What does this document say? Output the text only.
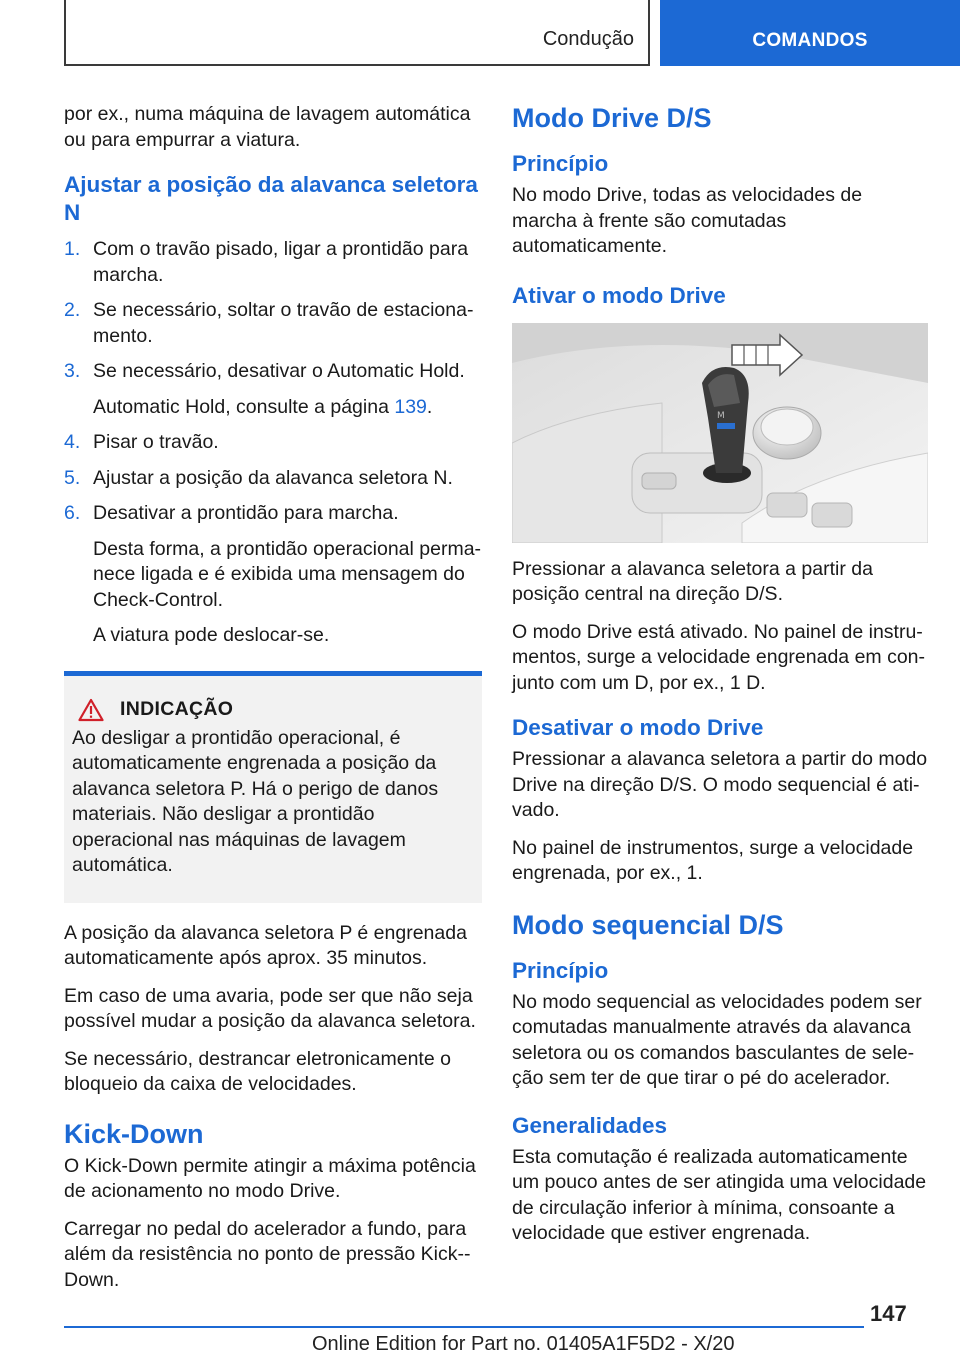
Condução	COMANDOS

por ex., numa máquina de lavagem automática ou para empurrar a viatura.

Ajustar a posição da alavanca seletora N
1. Com o travão pisado, ligar a prontidão para marcha.
2. Se necessário, soltar o travão de estacionamento.
3. Se necessário, desativar o Automatic Hold.
Automatic Hold, consulte a página 139.
4. Pisar o travão.
5. Ajustar a posição da alavanca seletora N.
6. Desativar a prontidão para marcha.
Desta forma, a prontidão operacional permanece ligada e é exibida uma mensagem do Check-Control.
A viatura pode deslocar-se.
INDICAÇÃO

Ao desligar a prontidão operacional, é automaticamente engrenada a posição da alavanca seletora P. Há o perigo de danos materiais. Não desligar a prontidão operacional nas máquinas de lavagem automática.

A posição da alavanca seletora P é engrenada automaticamente após aprox. 35 minutos.

Em caso de uma avaria, pode ser que não seja possível mudar a posição da alavanca seletora.

Se necessário, destrancar eletronicamente o bloqueio da caixa de velocidades.

Kick-Down

O Kick-Down permite atingir a máxima potência de acionamento no modo Drive.

Carregar no pedal do acelerador a fundo, para além da resistência no ponto de pressão Kick-Down.

Modo Drive D/S
Princípio

No modo Drive, todas as velocidades de marcha à frente são comutadas automaticamente.

Ativar o modo Drive
M

Pressionar a alavanca seletora a partir da posição central na direção D/S.

O modo Drive está ativado. No painel de instrumentos, surge a velocidade engrenada em conjunto com um D, por ex., 1 D.

Desativar o modo Drive

Pressionar a alavanca seletora a partir do modo Drive na direção D/S. O modo sequencial é ativado.

No painel de instrumentos, surge a velocidade engrenada, por ex., 1.

Modo sequencial D/S
Princípio

No modo sequencial as velocidades podem ser comutadas manualmente através da alavanca seletora ou os comandos basculantes de seleção sem ter de que tirar o pé do acelerador.

Generalidades

Esta comutação é realizada automaticamente um pouco antes de ser atingida uma velocidade de circulação inferior à mínima, consoante a velocidade que estiver engrenada.

147
Online Edition for Part no. 01405A1F5D2 - X/20
